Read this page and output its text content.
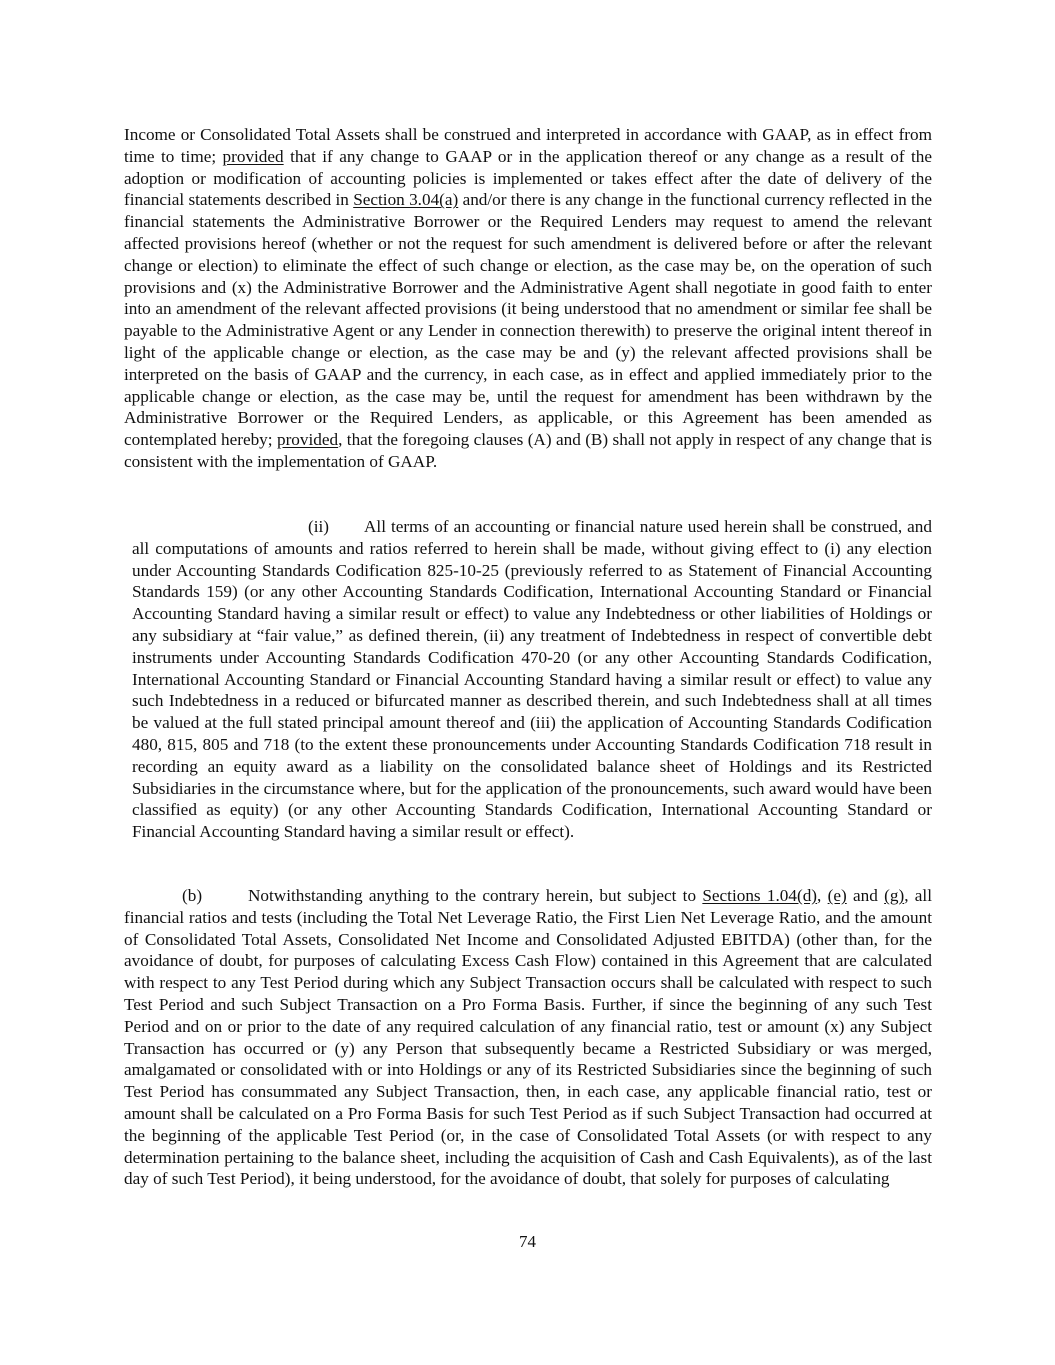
Income or Consolidated Total Assets shall be construed and interpreted in accordance with GAAP, as in effect from time to time; provided that if any change to GAAP or in the application thereof or any change as a result of the adoption or modification of accounting policies is implemented or takes effect after the date of delivery of the financial statements described in Section 3.04(a) and/or there is any change in the functional currency reflected in the financial statements the Administrative Borrower or the Required Lenders may request to amend the relevant affected provisions hereof (whether or not the request for such amendment is delivered before or after the relevant change or election) to eliminate the effect of such change or election, as the case may be, on the operation of such provisions and (x) the Administrative Borrower and the Administrative Agent shall negotiate in good faith to enter into an amendment of the relevant affected provisions (it being understood that no amendment or similar fee shall be payable to the Administrative Agent or any Lender in connection therewith) to preserve the original intent thereof in light of the applicable change or election, as the case may be and (y) the relevant affected provisions shall be interpreted on the basis of GAAP and the currency, in each case, as in effect and applied immediately prior to the applicable change or election, as the case may be, until the request for amendment has been withdrawn by the Administrative Borrower or the Required Lenders, as applicable, or this Agreement has been amended as contemplated hereby; provided, that the foregoing clauses (A) and (B) shall not apply in respect of any change that is consistent with the implementation of GAAP.

(ii) All terms of an accounting or financial nature used herein shall be construed, and all computations of amounts and ratios referred to herein shall be made, without giving effect to (i) any election under Accounting Standards Codification 825-10-25 (previously referred to as Statement of Financial Accounting Standards 159) (or any other Accounting Standards Codification, International Accounting Standard or Financial Accounting Standard having a similar result or effect) to value any Indebtedness or other liabilities of Holdings or any subsidiary at “fair value,” as defined therein, (ii) any treatment of Indebtedness in respect of convertible debt instruments under Accounting Standards Codification 470-20 (or any other Accounting Standards Codification, International Accounting Standard or Financial Accounting Standard having a similar result or effect) to value any such Indebtedness in a reduced or bifurcated manner as described therein, and such Indebtedness shall at all times be valued at the full stated principal amount thereof and (iii) the application of Accounting Standards Codification 480, 815, 805 and 718 (to the extent these pronouncements under Accounting Standards Codification 718 result in recording an equity award as a liability on the consolidated balance sheet of Holdings and its Restricted Subsidiaries in the circumstance where, but for the application of the pronouncements, such award would have been classified as equity) (or any other Accounting Standards Codification, International Accounting Standard or Financial Accounting Standard having a similar result or effect).

(b)	Notwithstanding anything to the contrary herein, but subject to Sections 1.04(d), (e) and (g), all financial ratios and tests (including the Total Net Leverage Ratio, the First Lien Net Leverage Ratio, and the amount of Consolidated Total Assets, Consolidated Net Income and Consolidated Adjusted EBITDA) (other than, for the avoidance of doubt, for purposes of calculating Excess Cash Flow) contained in this Agreement that are calculated with respect to any Test Period during which any Subject Transaction occurs shall be calculated with respect to such Test Period and such Subject Transaction on a Pro Forma Basis. Further, if since the beginning of any such Test Period and on or prior to the date of any required calculation of any financial ratio, test or amount (x) any Subject Transaction has occurred or (y) any Person that subsequently became a Restricted Subsidiary or was merged, amalgamated or consolidated with or into Holdings or any of its Restricted Subsidiaries since the beginning of such Test Period has consummated any Subject Transaction, then, in each case, any applicable financial ratio, test or amount shall be calculated on a Pro Forma Basis for such Test Period as if such Subject Transaction had occurred at the beginning of the applicable Test Period (or, in the case of Consolidated Total Assets (or with respect to any determination pertaining to the balance sheet, including the acquisition of Cash and Cash Equivalents), as of the last day of such Test Period), it being understood, for the avoidance of doubt, that solely for purposes of calculating

74
